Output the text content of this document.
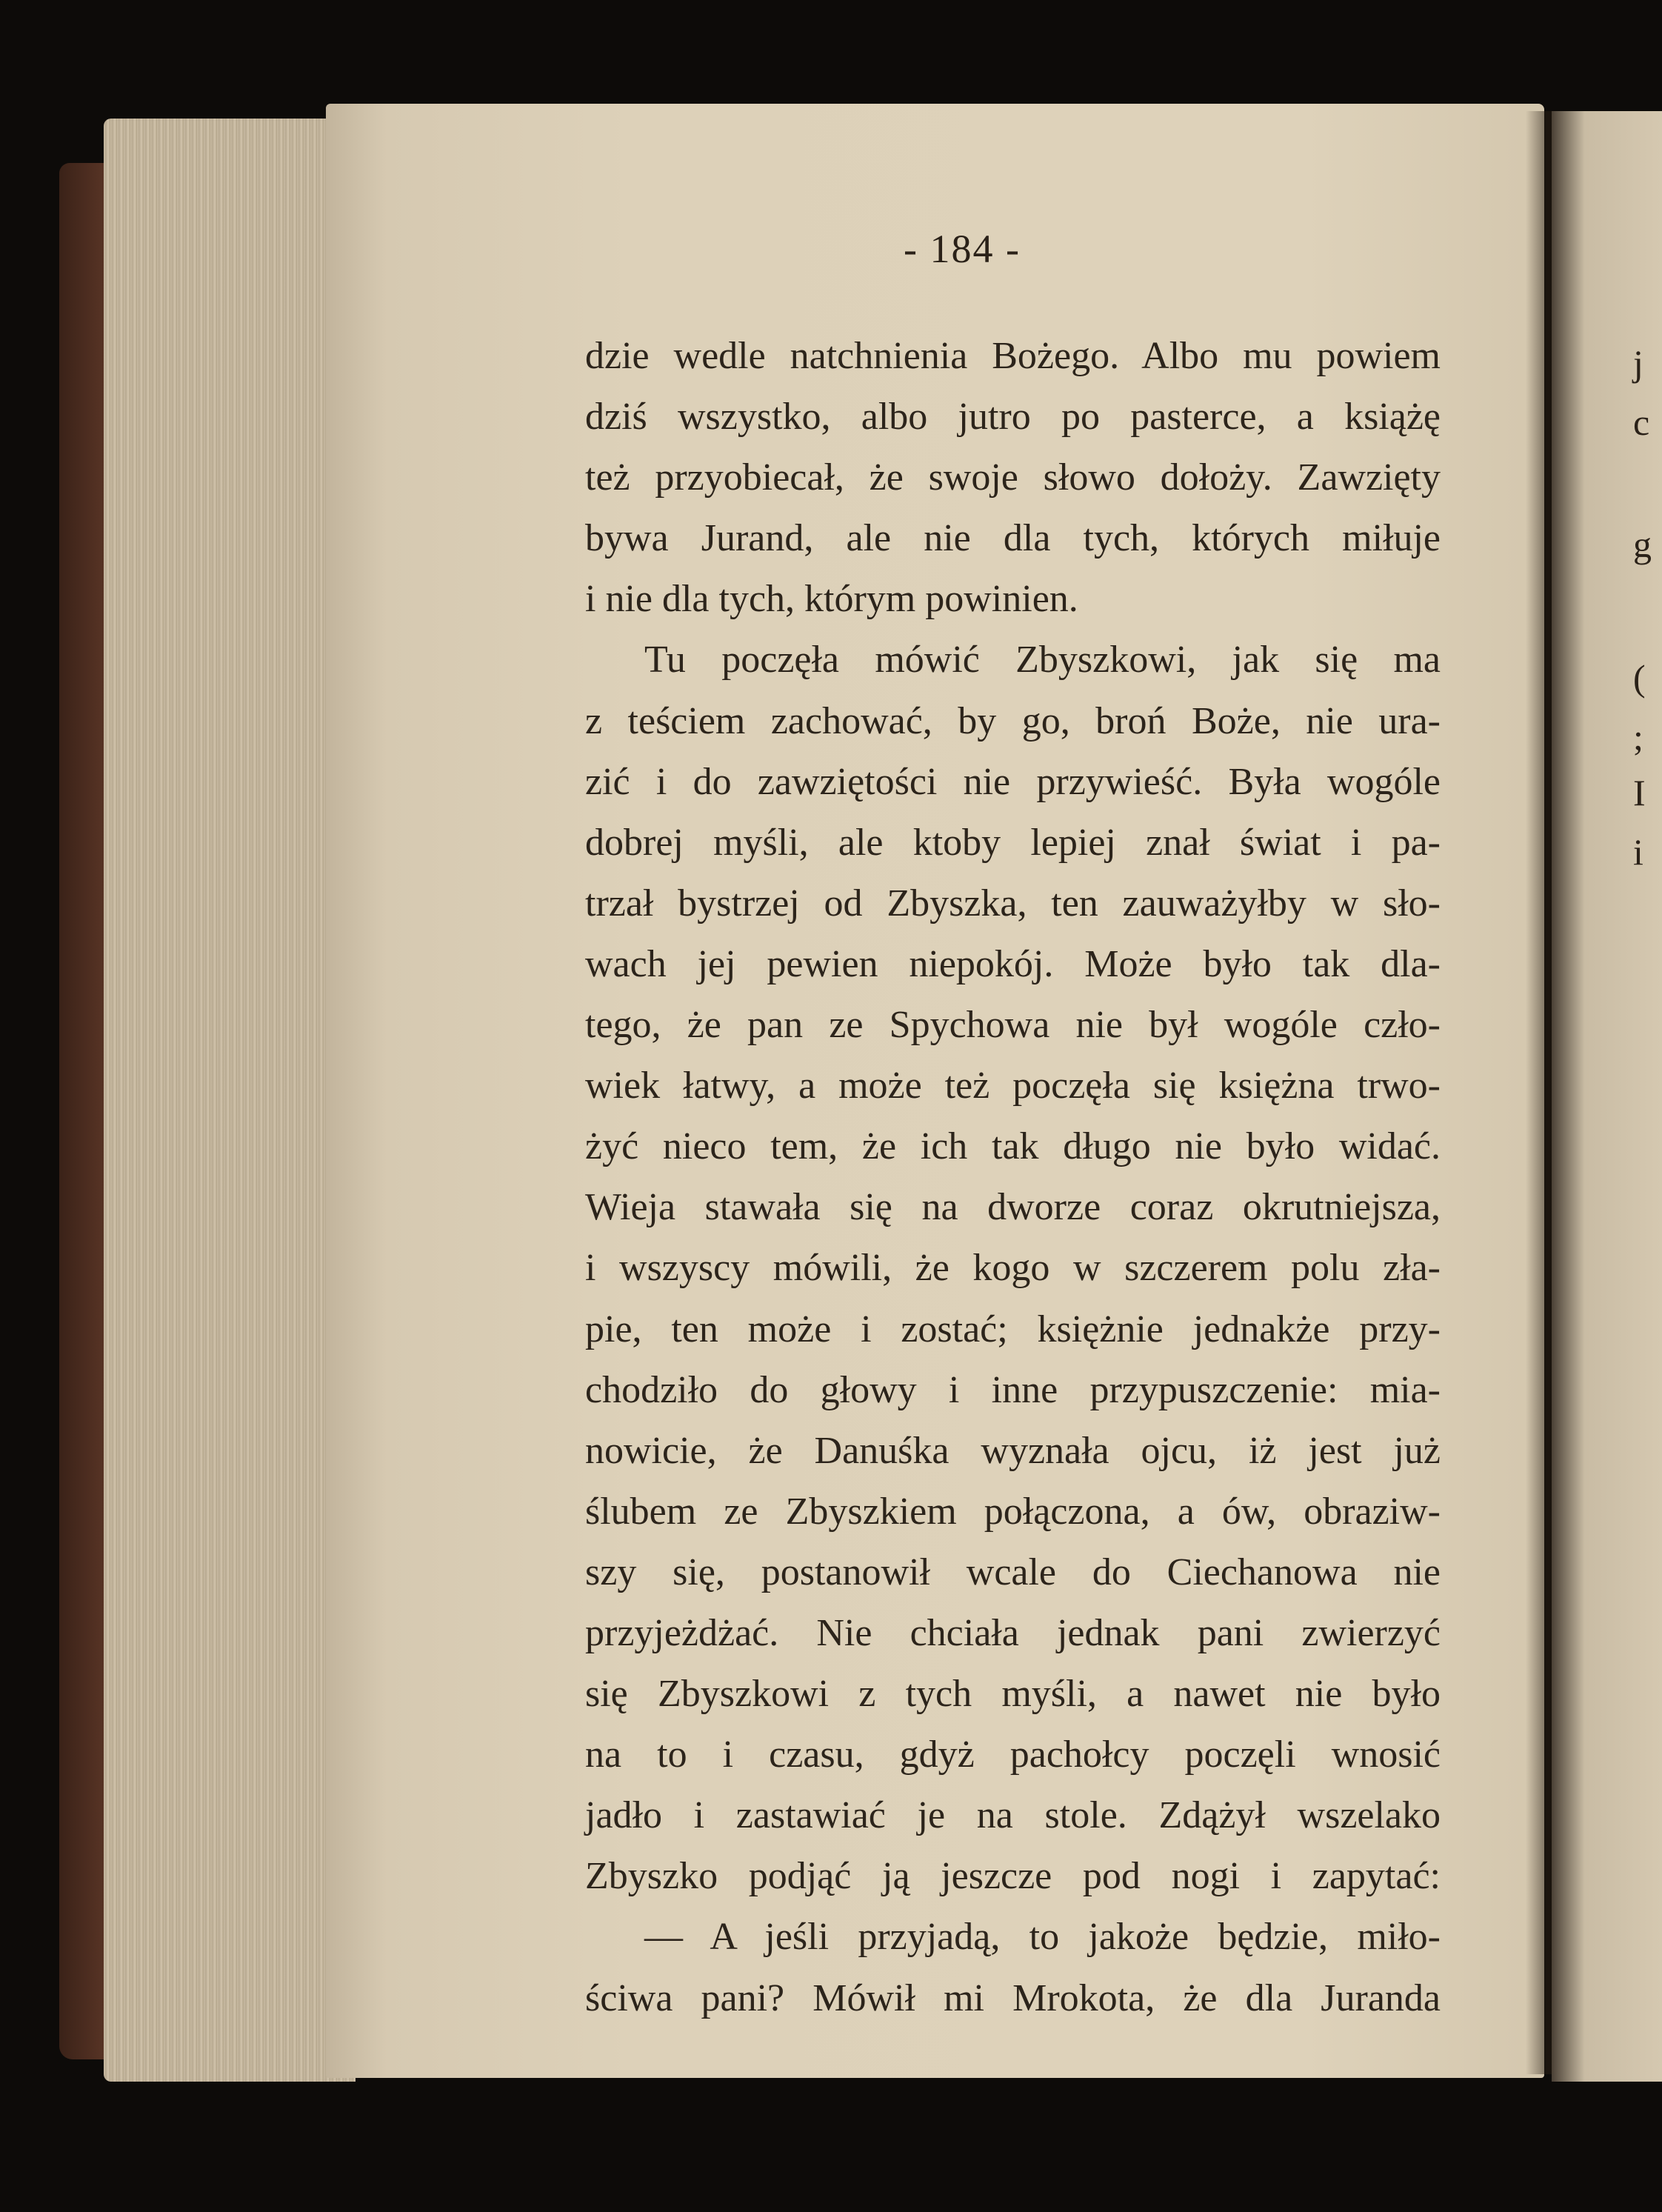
j
c
g
(
;
I
i
- 184 -
dzie wedle natchnienia Bożego. Albo mu powiem
dziś wszystko, albo jutro po pasterce, a książę
też przyobiecał, że swoje słowo dołoży. Zawzięty
bywa Jurand, ale nie dla tych, których miłuje
i nie dla tych, którym powinien.
Tu poczęła mówić Zbyszkowi, jak się ma
z teściem zachować, by go, broń Boże, nie ura-
zić i do zawziętości nie przywieść. Była wogóle
dobrej myśli, ale ktoby lepiej znał świat i pa-
trzał bystrzej od Zbyszka, ten zauważyłby w sło-
wach jej pewien niepokój. Może było tak dla-
tego, że pan ze Spychowa nie był wogóle czło-
wiek łatwy, a może też poczęła się księżna trwo-
żyć nieco tem, że ich tak długo nie było widać.
Wieja stawała się na dworze coraz okrutniejsza,
i wszyscy mówili, że kogo w szczerem polu zła-
pie, ten może i zostać; księżnie jednakże przy-
chodziło do głowy i inne przypuszczenie: mia-
nowicie, że Danuśka wyznała ojcu, iż jest już
ślubem ze Zbyszkiem połączona, a ów, obraziw-
szy się, postanowił wcale do Ciechanowa nie
przyjeżdżać. Nie chciała jednak pani zwierzyć
się Zbyszkowi z tych myśli, a nawet nie było
na to i czasu, gdyż pachołcy poczęli wnosić
jadło i zastawiać je na stole. Zdążył wszelako
Zbyszko podjąć ją jeszcze pod nogi i zapytać:
— A jeśli przyjadą, to jakoże będzie, miło-
ściwa pani? Mówił mi Mrokota, że dla Juranda
